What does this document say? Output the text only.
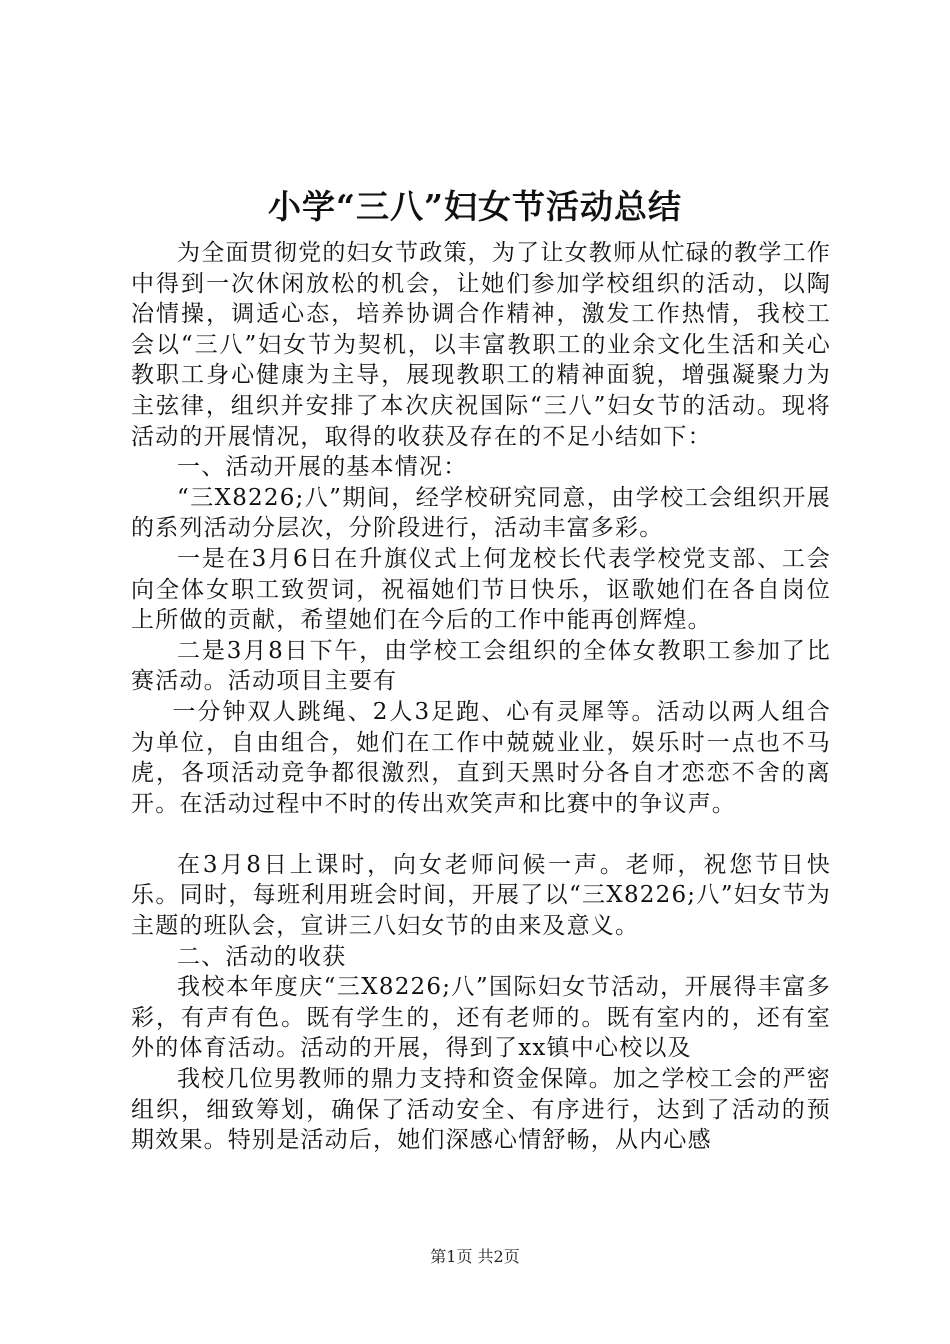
小学“三八”妇女节活动总结

为全面贯彻党的妇女节政策，为了让女教师从忙碌的教学工作中得到一次休闲放松的机会，让她们参加学校组织的活动，以陶冶情操，调适心态，培养协调合作精神，激发工作热情，我校工会以“三八”妇女节为契机，以丰富教职工的业余文化生活和关心教职工身心健康为主导，展现教职工的精神面貌，增强凝聚力为主弦律，组织并安排了本次庆祝国际“三八”妇女节的活动。现将活动的开展情况，取得的收获及存在的不足小结如下：

一、活动开展的基本情况：

“三X8226;八”期间，经学校研究同意，由学校工会组织开展的系列活动分层次，分阶段进行，活动丰富多彩。

一是在3月6日在升旗仪式上何龙校长代表学校党支部、工会向全体女职工致贺词，祝福她们节日快乐，讴歌她们在各自岗位上所做的贡献，希望她们在今后的工作中能再创辉煌。

二是3月8日下午，由学校工会组织的全体女教职工参加了比赛活动。活动项目主要有

一分钟双人跳绳、2人3足跑、心有灵犀等。活动以两人组合为单位，自由组合，她们在工作中兢兢业业，娱乐时一点也不马虎，各项活动竞争都很激烈，直到天黑时分各自才恋恋不舍的离开。在活动过程中不时的传出欢笑声和比赛中的争议声。

在3月8日上课时，向女老师问候一声。老师，祝您节日快乐。同时，每班利用班会时间，开展了以“三X8226;八”妇女节为主题的班队会，宣讲三八妇女节的由来及意义。

二、活动的收获

我校本年度庆“三X8226;八”国际妇女节活动，开展得丰富多彩，有声有色。既有学生的，还有老师的。既有室内的，还有室外的体育活动。活动的开展，得到了xx镇中心校以及

我校几位男教师的鼎力支持和资金保障。加之学校工会的严密组织，细致筹划，确保了活动安全、有序进行，达到了活动的预期效果。特别是活动后，她们深感心情舒畅，从内心感

第1页 共2页
